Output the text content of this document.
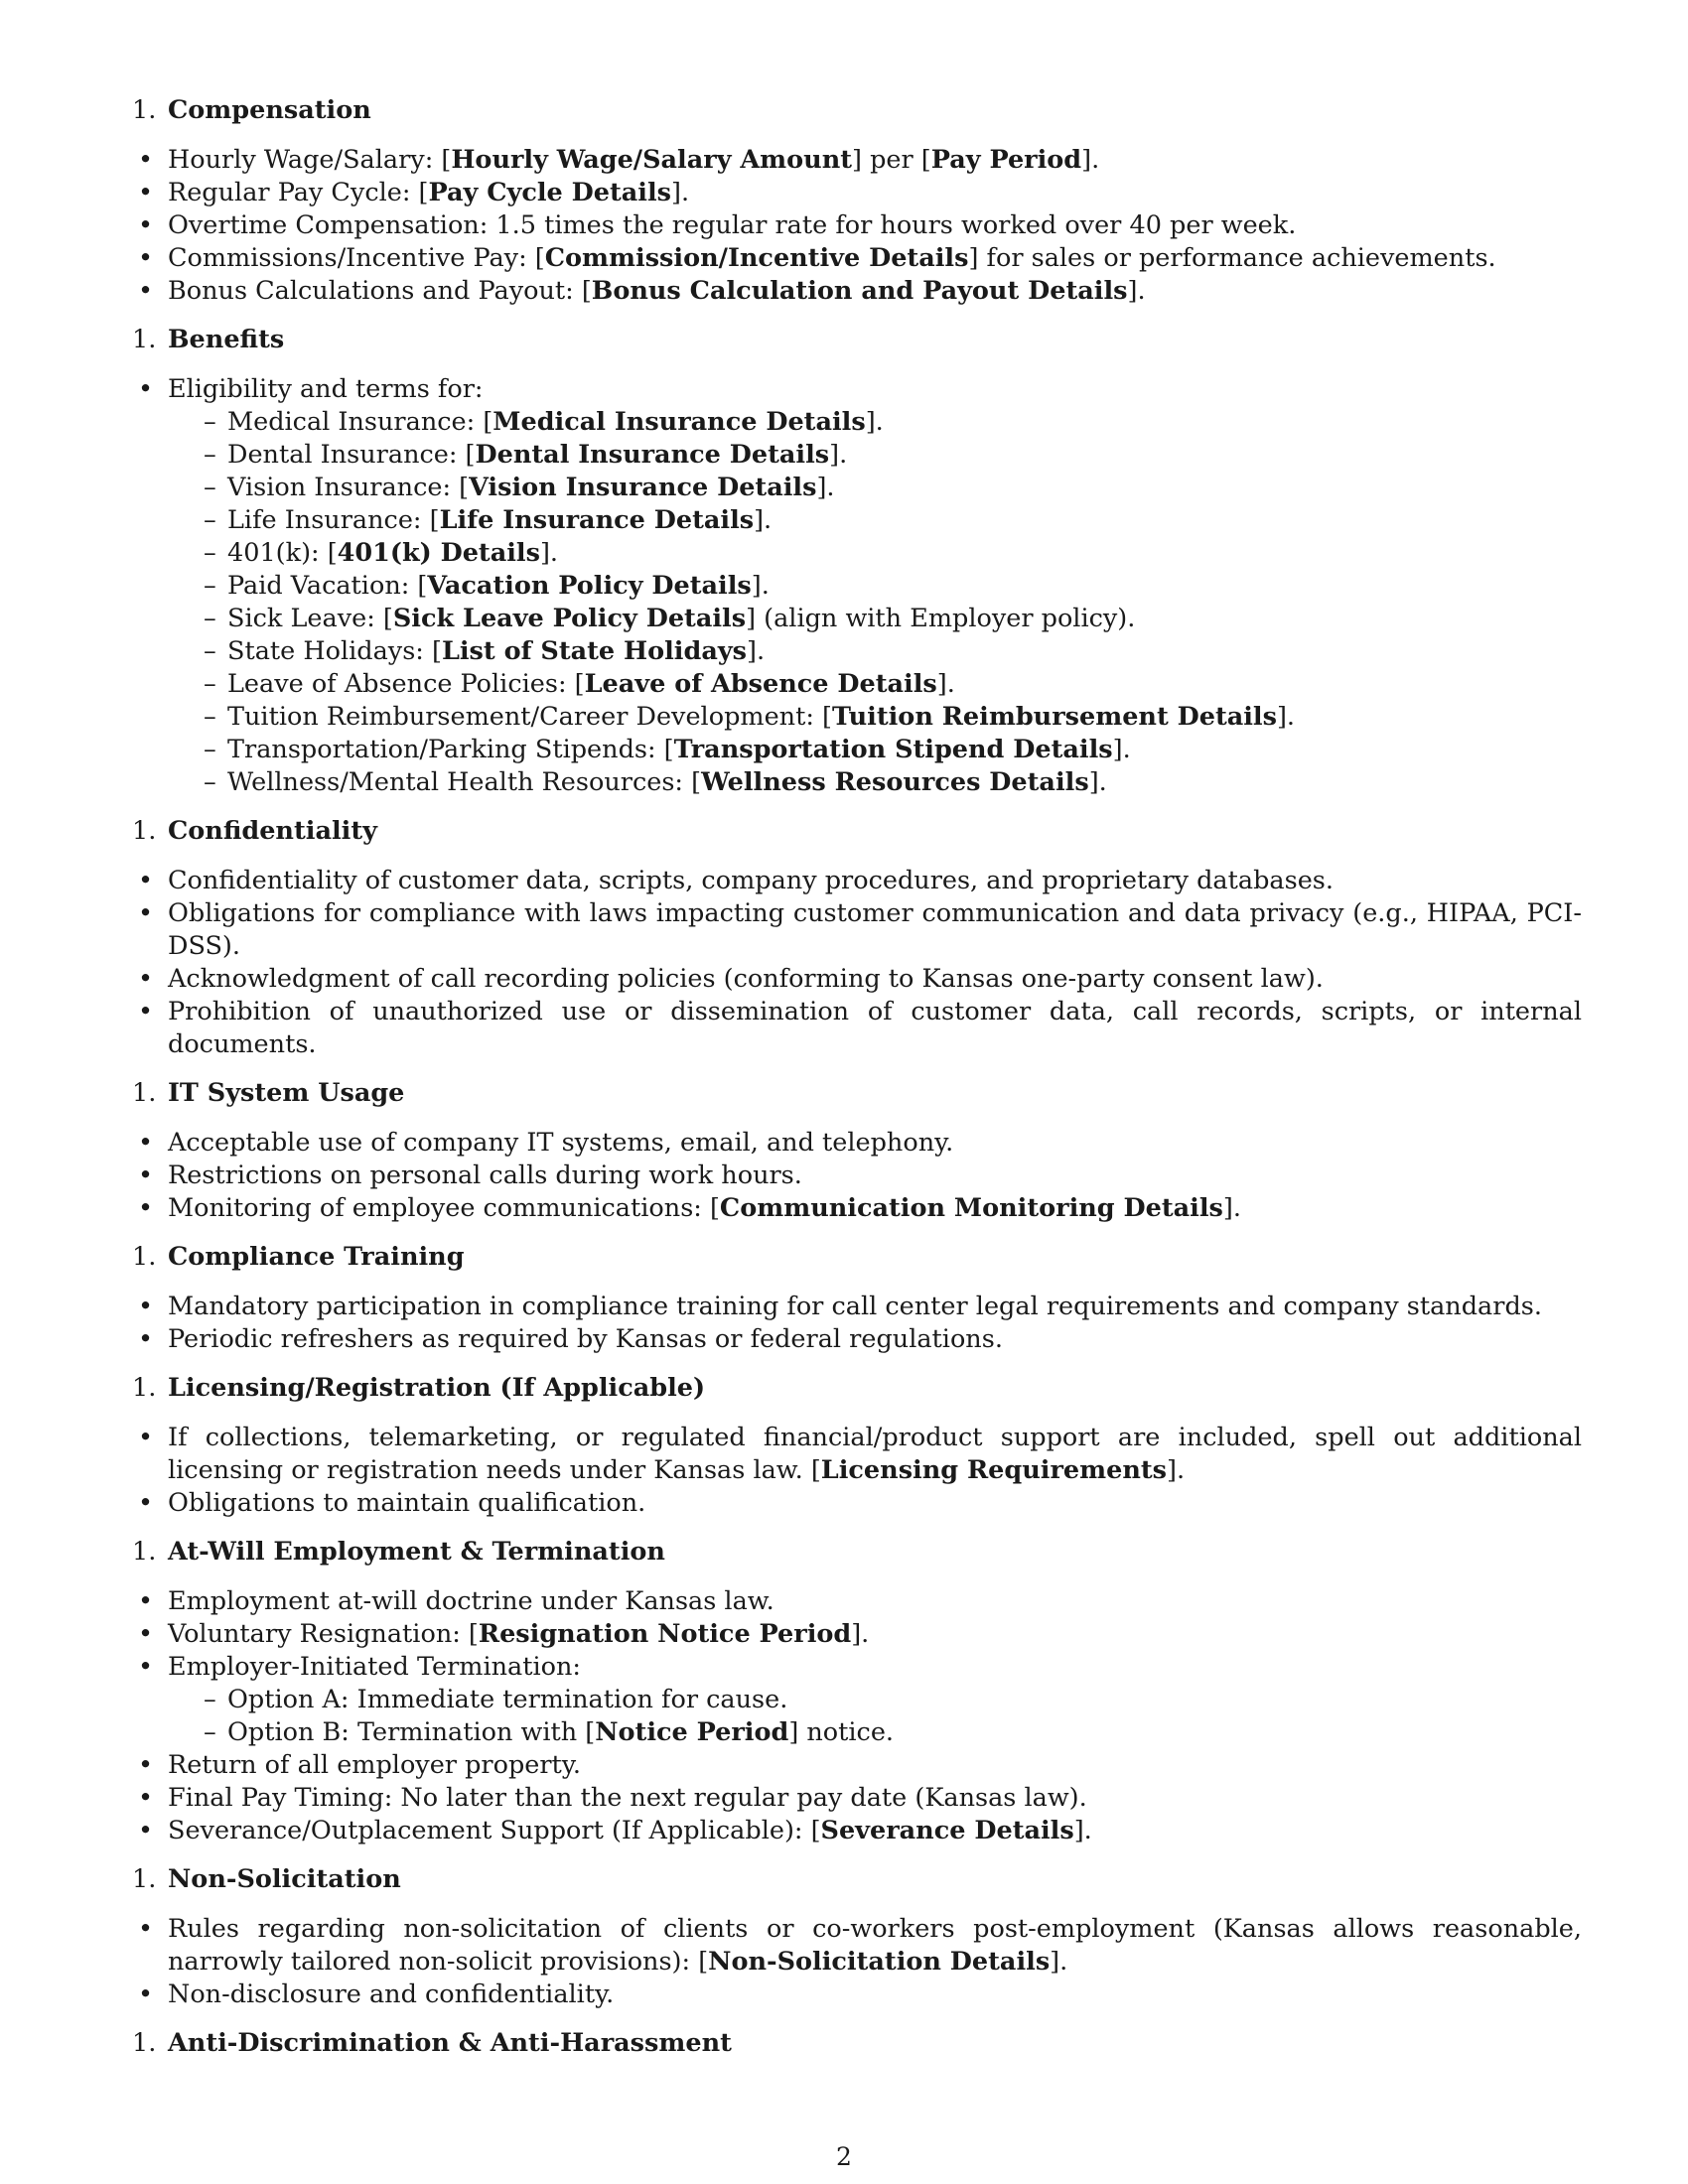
1. Compensation
• Hourly Wage/Salary: [Hourly Wage/Salary Amount] per [Pay Period].
• Regular Pay Cycle: [Pay Cycle Details].
• Overtime Compensation: 1.5 times the regular rate for hours worked over 40 per week.
• Commissions/Incentive Pay: [Commission/Incentive Details] for sales or performance achievements.
• Bonus Calculations and Payout: [Bonus Calculation and Payout Details].
1. Benefits
• Eligibility and terms for:
– Medical Insurance: [Medical Insurance Details].
– Dental Insurance: [Dental Insurance Details].
– Vision Insurance: [Vision Insurance Details].
– Life Insurance: [Life Insurance Details].
– 401(k): [401(k) Details].
– Paid Vacation: [Vacation Policy Details].
– Sick Leave: [Sick Leave Policy Details] (align with Employer policy).
– State Holidays: [List of State Holidays].
– Leave of Absence Policies: [Leave of Absence Details].
– Tuition Reimbursement/Career Development: [Tuition Reimbursement Details].
– Transportation/Parking Stipends: [Transportation Stipend Details].
– Wellness/Mental Health Resources: [Wellness Resources Details].
1. Confidentiality
• Confidentiality of customer data, scripts, company procedures, and proprietary databases.
• Obligations for compliance with laws impacting customer communication and data privacy (e.g., HIPAA, PCI-DSS).
• Acknowledgment of call recording policies (conforming to Kansas one-party consent law).
• Prohibition of unauthorized use or dissemination of customer data, call records, scripts, or internal documents.
1. IT System Usage
• Acceptable use of company IT systems, email, and telephony.
• Restrictions on personal calls during work hours.
• Monitoring of employee communications: [Communication Monitoring Details].
1. Compliance Training
• Mandatory participation in compliance training for call center legal requirements and company standards.
• Periodic refreshers as required by Kansas or federal regulations.
1. Licensing/Registration (If Applicable)
• If collections, telemarketing, or regulated financial/product support are included, spell out additional licensing or registration needs under Kansas law. [Licensing Requirements].
• Obligations to maintain qualification.
1. At-Will Employment & Termination
• Employment at-will doctrine under Kansas law.
• Voluntary Resignation: [Resignation Notice Period].
• Employer-Initiated Termination:
– Option A: Immediate termination for cause.
– Option B: Termination with [Notice Period] notice.
• Return of all employer property.
• Final Pay Timing: No later than the next regular pay date (Kansas law).
• Severance/Outplacement Support (If Applicable): [Severance Details].
1. Non-Solicitation
• Rules regarding non-solicitation of clients or co-workers post-employment (Kansas allows reasonable, narrowly tailored non-solicit provisions): [Non-Solicitation Details].
• Non-disclosure and confidentiality.
1. Anti-Discrimination & Anti-Harassment
2
